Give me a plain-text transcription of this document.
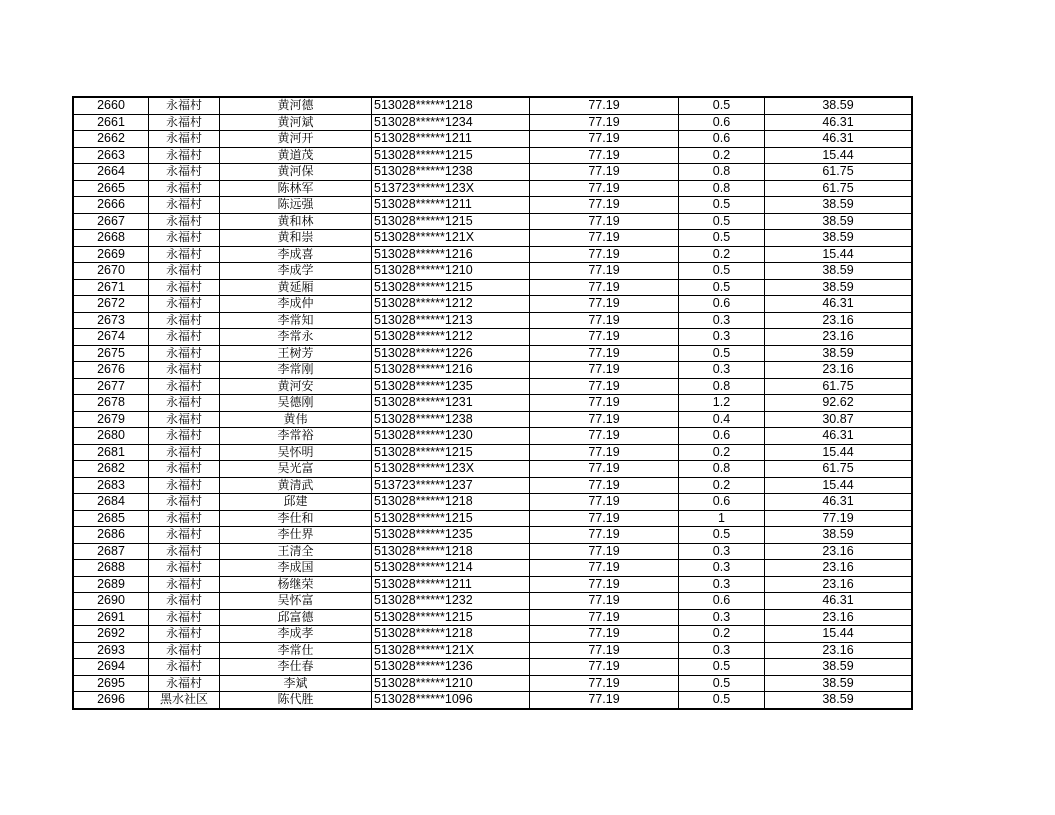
2660	永福村	黄河德	513028******1218	77.19	0.5	38.59
2661	永福村	黄河斌	513028******1234	77.19	0.6	46.31
2662	永福村	黄河开	513028******1211	77.19	0.6	46.31
2663	永福村	黄道茂	513028******1215	77.19	0.2	15.44
2664	永福村	黄河保	513028******1238	77.19	0.8	61.75
2665	永福村	陈林军	513723******123X	77.19	0.8	61.75
2666	永福村	陈远强	513028******1211	77.19	0.5	38.59
2667	永福村	黄和林	513028******1215	77.19	0.5	38.59
2668	永福村	黄和崇	513028******121X	77.19	0.5	38.59
2669	永福村	李成喜	513028******1216	77.19	0.2	15.44
2670	永福村	李成学	513028******1210	77.19	0.5	38.59
2671	永福村	黄延厢	513028******1215	77.19	0.5	38.59
2672	永福村	李成仲	513028******1212	77.19	0.6	46.31
2673	永福村	李常知	513028******1213	77.19	0.3	23.16
2674	永福村	李常永	513028******1212	77.19	0.3	23.16
2675	永福村	王树芳	513028******1226	77.19	0.5	38.59
2676	永福村	李常刚	513028******1216	77.19	0.3	23.16
2677	永福村	黄河安	513028******1235	77.19	0.8	61.75
2678	永福村	吴德刚	513028******1231	77.19	1.2	92.62
2679	永福村	黄伟	513028******1238	77.19	0.4	30.87
2680	永福村	李常裕	513028******1230	77.19	0.6	46.31
2681	永福村	吴怀明	513028******1215	77.19	0.2	15.44
2682	永福村	吴光富	513028******123X	77.19	0.8	61.75
2683	永福村	黄清武	513723******1237	77.19	0.2	15.44
2684	永福村	邱建	513028******1218	77.19	0.6	46.31
2685	永福村	李仕和	513028******1215	77.19	1	77.19
2686	永福村	李仕界	513028******1235	77.19	0.5	38.59
2687	永福村	王清全	513028******1218	77.19	0.3	23.16
2688	永福村	李成国	513028******1214	77.19	0.3	23.16
2689	永福村	杨继荣	513028******1211	77.19	0.3	23.16
2690	永福村	吴怀富	513028******1232	77.19	0.6	46.31
2691	永福村	邱富德	513028******1215	77.19	0.3	23.16
2692	永福村	李成孝	513028******1218	77.19	0.2	15.44
2693	永福村	李常仕	513028******121X	77.19	0.3	23.16
2694	永福村	李仕春	513028******1236	77.19	0.5	38.59
2695	永福村	李斌	513028******1210	77.19	0.5	38.59
2696	黑水社区	陈代胜	513028******1096	77.19	0.5	38.59
